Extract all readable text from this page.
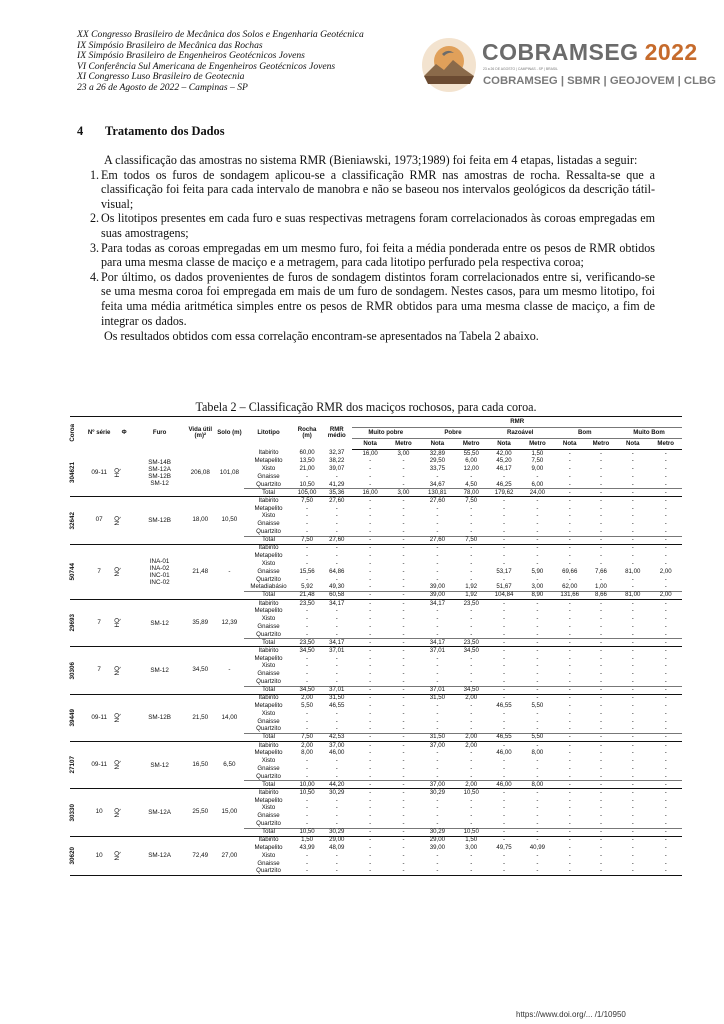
XX Congresso Brasileiro de Mecânica dos Solos e Engenharia Geotécnica
IX Simpósio Brasileiro de Mecânica das Rochas
IX Simpósio Brasileiro de Engenheiros Geotécnicos Jovens
VI Conferência Sul Americana de Engenheiros Geotécnicos Jovens
XI Congresso Luso Brasileiro de Geotecnia
23 a 26 de Agosto de 2022 – Campinas – SP
COBRAMSEG 2022
23 a 26 DE AGOSTO | CAMPINAS - SP | BRASIL
COBRAMSEG | SBMR | GEOJOVEM | CLBG
4 Tratamento dos Dados

A classificação das amostras no sistema RMR (Bieniawski, 1973;1989) foi feita em 4 etapas, listadas a seguir:

1. Em todos os furos de sondagem aplicou-se a classificação RMR nas amostras de rocha. Ressalta-se que a classificação foi feita para cada intervalo de manobra e não se baseou nos intervalos geológicos da descrição tátil-visual;
2. Os litotipos presentes em cada furo e suas respectivas metragens foram correlacionados às coroas empregadas em suas amostragens;
3. Para todas as coroas empregadas em um mesmo furo, foi feita a média ponderada entre os pesos de RMR obtidos para uma mesma classe de maciço e a metragem, para cada litotipo perfurado pela respectiva coroa;
4. Por último, os dados provenientes de furos de sondagem distintos foram correlacionados entre si, verificando-se se uma mesma coroa foi empregada em mais de um furo de sondagem. Nestes casos, para um mesmo litotipo, foi feita uma média aritmética simples entre os pesos de RMR obtidos para uma mesma classe de maciço, a fim de integrar os dados.

Os resultados obtidos com essa correlação encontram-se apresentados na Tabela 2 abaixo.

Tabela 2 – Classificação RMR dos maciços rochosos, para cada coroa.
Coroa	Nº série	Φ	Furo	Vida útil (m)²	Solo (m)	Litotipo	Rocha (m)	RMR médio	RMR									
									Muito pobre		Pobre		Razoável		Bom		Muito Bom	
									Nota	Metro	Nota	Metro	Nota	Metro	Nota	Metro	Nota	Metro

304621	09-11	HQ	SM-14B
SM-12A
SM-12B
SM-12	206,08	101,08	Itabirito	60,00	32,37	16,00	3,00	32,89	55,50	42,00	1,50	-	-	-	-
						Metapelito	13,50	38,22	-	-	29,50	6,00	45,20	7,50	-	-	-	-
						Xisto	21,00	39,07	-	-	33,75	12,00	46,17	9,00	-	-	-	-
						Gnaisse	-	-	-	-	-	-	-	-	-	-	-	-
						Quartzito	10,50	41,29	-	-	34,67	4,50	46,25	6,00	-	-	-	-
						Total	105,00	35,36	16,00	3,00	130,81	78,00	179,62	24,00	-	-	-	-

32642	07	NQ	SM-12B	18,00	10,50	Itabirito	7,50	27,60	-	-	27,60	7,50	-	-	-	-	-	-
						Metapelito	-	-	-	-	-	-	-	-	-	-	-	-
						Xisto	-	-	-	-	-	-	-	-	-	-	-	-
						Gnaisse	-	-	-	-	-	-	-	-	-	-	-	-
						Quartzito	-	-	-	-	-	-	-	-	-	-	-	-
						Total	7,50	27,60	-	-	27,60	7,50	-	-	-	-	-	-

50744	7	NQ	INA-01
INA-02
INC-01
INC-02	21,48	-	Itabirito	-	-	-	-	-	-	-	-	-	-	-	-
						Metapelito	-	-	-	-	-	-	-	-	-	-	-	-
						Xisto	-	-	-	-	-	-	-	-	-	-	-	-
						Gnaisse	15,56	64,86	-	-	-	-	53,17	5,90	69,66	7,66	81,00	2,00
						Quartzito	-	-	-	-	-	-	-	-	-	-	-	-
						Metadiabásio	5,92	49,30	-	-	39,00	1,92	51,67	3,00	62,00	1,00	-	-
						Total	21,48	60,58	-	-	39,00	1,92	104,84	8,90	131,66	8,66	81,00	2,00

29693	7	HQ	SM-12	35,89	12,39	Itabirito	23,50	34,17	-	-	34,17	23,50	-	-	-	-	-	-
						Metapelito	-	-	-	-	-	-	-	-	-	-	-	-
						Xisto	-	-	-	-	-	-	-	-	-	-	-	-
						Gnaisse	-	-	-	-	-	-	-	-	-	-	-	-
						Quartzito	-	-	-	-	-	-	-	-	-	-	-	-
						Total	23,50	34,17	-	-	34,17	23,50	-	-	-	-	-	-

30306	7	NQ	SM-12	34,50	-	Itabirito	34,50	37,01	-	-	37,01	34,50	-	-	-	-	-	-
						Metapelito	-	-	-	-	-	-	-	-	-	-	-	-
						Xisto	-	-	-	-	-	-	-	-	-	-	-	-
						Gnaisse	-	-	-	-	-	-	-	-	-	-	-	-
						Quartzito	-	-	-	-	-	-	-	-	-	-	-	-
						Total	34,50	37,01	-	-	37,01	34,50	-	-	-	-	-	-

39449	09-11	NQ	SM-12B	21,50	14,00	Itabirito	2,00	31,50	-	-	31,50	2,00	-	-	-	-	-	-
						Metapelito	5,50	46,55	-	-	-	-	46,55	5,50	-	-	-	-
						Xisto	-	-	-	-	-	-	-	-	-	-	-	-
						Gnaisse	-	-	-	-	-	-	-	-	-	-	-	-
						Quartzito	-	-	-	-	-	-	-	-	-	-	-	-
						Total	7,50	42,53	-	-	31,50	2,00	46,55	5,50	-	-	-	-

27107	09-11	NQ	SM-12	16,50	6,50	Itabirito	2,00	37,00	-	-	37,00	2,00	-	-	-	-	-	-
						Metapelito	8,00	46,00	-	-	-	-	46,00	8,00	-	-	-	-
						Xisto	-	-	-	-	-	-	-	-	-	-	-	-
						Gnaisse	-	-	-	-	-	-	-	-	-	-	-	-
						Quartzito	-	-	-	-	-	-	-	-	-	-	-	-
						Total	10,00	44,20	-	-	37,00	2,00	46,00	8,00	-	-	-	-

30330	10	NQ	SM-12A	25,50	15,00	Itabirito	10,50	30,29	-	-	30,29	10,50	-	-	-	-	-	-
						Metapelito	-	-	-	-	-	-	-	-	-	-	-	-
						Xisto	-	-	-	-	-	-	-	-	-	-	-	-
						Gnaisse	-	-	-	-	-	-	-	-	-	-	-	-
						Quartzito	-	-	-	-	-	-	-	-	-	-	-	-
						Total	10,50	30,29	-	-	30,29	10,50	-	-	-	-	-	-

30620	10	NQ	SM-12A	72,49	27,00	Itabirito	1,50	29,00	-	-	29,00	1,50	-	-	-	-	-	-
						Metapelito	43,99	48,09	-	-	39,00	3,00	49,75	40,99	-	-	-	-
						Xisto	-	-	-	-	-	-	-	-	-	-	-	-
						Gnaisse	-	-	-	-	-	-	-	-	-	-	-	-
						Quartzito	-	-	-	-	-	-	-	-	-	-	-	-
https://www.doi.org/... /1/10950
